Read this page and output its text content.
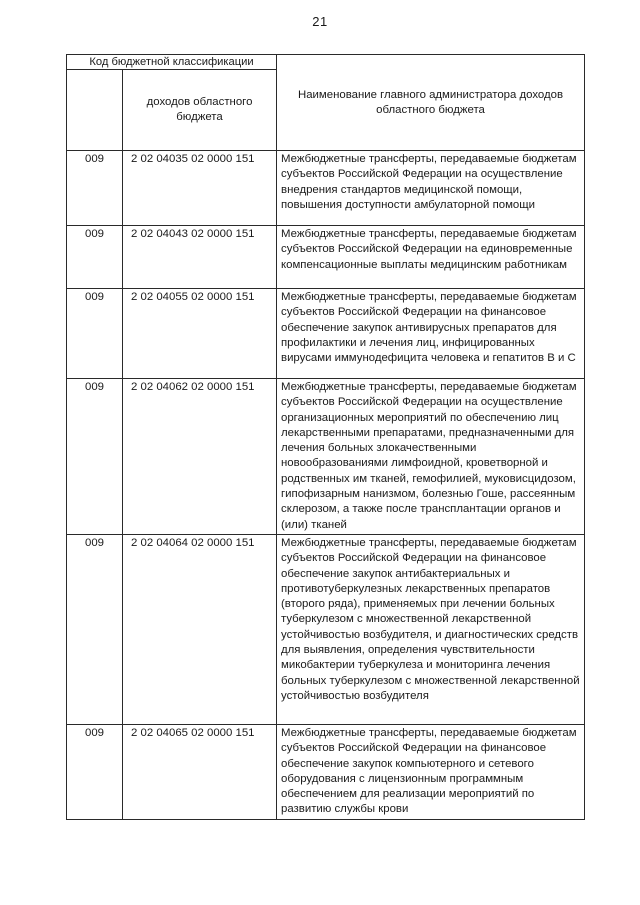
21
Код бюджетной классификации		Наименование главного администратора доходов областного бюджета
	доходов областного бюджета	
009	2 02 04035 02 0000 151	Межбюджетные трансферты, передаваемые бюджетам субъектов Российской Федерации на осуществление внедрения стандартов медицинской помощи, повышения доступности амбулаторной помощи
009	2 02 04043 02 0000 151	Межбюджетные трансферты, передаваемые бюджетам субъектов Российской Федерации на единовременные компенсационные выплаты медицинским работникам
009	2 02 04055 02 0000 151	Межбюджетные трансферты, передаваемые бюджетам субъектов Российской Федерации на финансовое обеспечение закупок антивирусных препаратов для профилактики и лечения лиц, инфицированных вирусами иммунодефицита человека и гепатитов В и С
009	2 02 04062 02 0000 151	Межбюджетные трансферты, передаваемые бюджетам субъектов Российской Федерации на осуществление организационных мероприятий по обеспечению лиц лекарственными препаратами, предназначенными для лечения больных злокачественными новообразованиями лимфоидной, кроветворной и родственных им тканей, гемофилией, муковисцидозом, гипофизарным нанизмом, болезнью Гоше, рассеянным склерозом, а также после трансплантации органов и (или) тканей
009	2 02 04064 02 0000 151	Межбюджетные трансферты, передаваемые бюджетам субъектов Российской Федерации на финансовое обеспечение закупок антибактериальных и противотуберкулезных лекарственных препаратов (второго ряда), применяемых при лечении больных туберкулезом с множественной лекарственной устойчивостью возбудителя, и диагностических средств для выявления, определения чувствительности микобактерии туберкулеза и мониторинга лечения больных туберкулезом с множественной лекарственной устойчивостью возбудителя
009	2 02 04065 02 0000 151	Межбюджетные трансферты, передаваемые бюджетам субъектов Российской Федерации на финансовое обеспечение закупок компьютерного и сетевого оборудования с лицензионным программным обеспечением для реализации мероприятий по развитию службы крови
